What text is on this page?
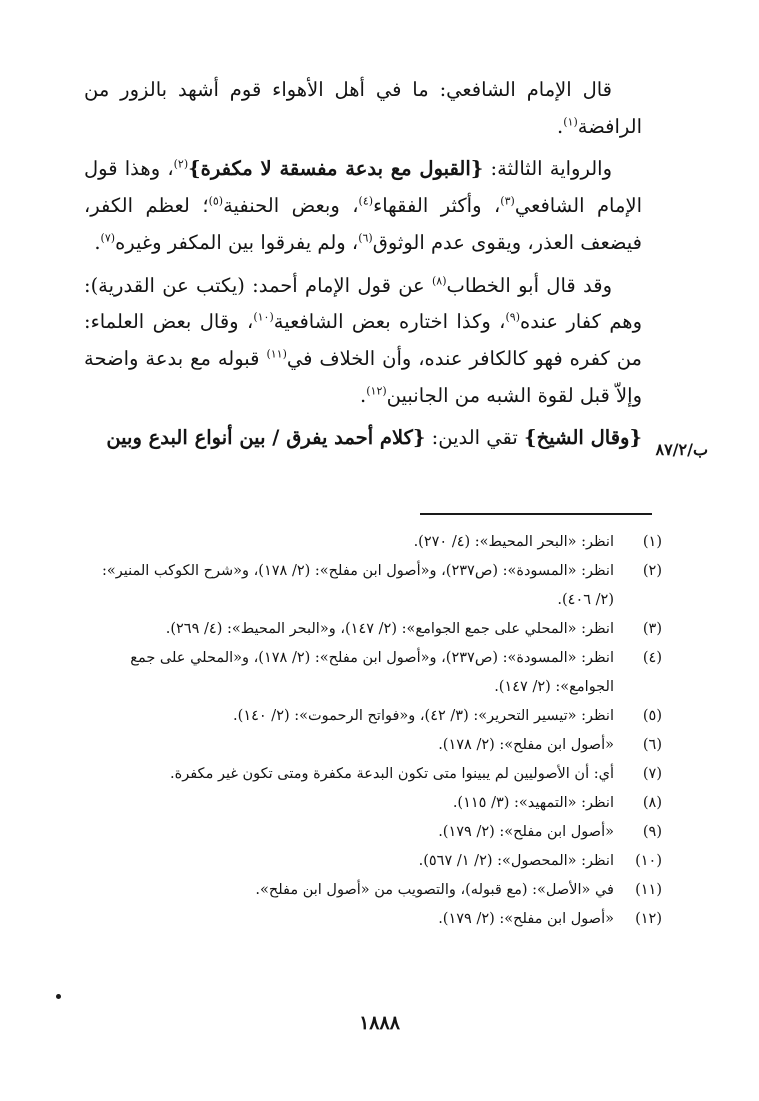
قال الإمام الشافعي: ما في أهل الأهواء قوم أشهد بالزور من الرافضة$^{(١)}$.

والرواية الثالثة: {القبول مع بدعة مفسقة لا مكفرة}$^{(٢)}$، وهذا قول الإمام الشافعي$^{(٣)}$، وأكثر الفقهاء$^{(٤)}$، وبعض الحنفية$^{(٥)}$؛ لعظم الكفر، فيضعف العذر، ويقوى عدم الوثوق$^{(٦)}$، ولم يفرقوا بين المكفر وغيره$^{(٧)}$.

وقد قال أبو الخطاب$^{(٨)}$ عن قول الإمام أحمد: (يكتب عن القدرية): وهم كفار عنده$^{(٩)}$، وكذا اختاره بعض الشافعية$^{(١٠)}$، وقال بعض العلماء: من كفره فهو كالكافر عنده، وأن الخلاف في$^{(١١)}$ قبوله مع بدعة واضحة وإلاّ قبل لقوة الشبه من الجانبين$^{(١٢)}$.

{وقال الشيخ} تقي الدين: {كلام أحمد يفرق / بين أنواع البدع وبين

ب/٨٧/٢
(١)
انظر: «البحر المحيط»: (٤/ ٢٧٠).
(٢)
انظر: «المسودة»: (ص٢٣٧)، و«أصول ابن مفلح»: (٢/ ١٧٨)، و«شرح الكوكب المنير»: (٢/ ٤٠٦).
(٣)
انظر: «المحلي على جمع الجوامع»: (٢/ ١٤٧)، و«البحر المحيط»: (٤/ ٢٦٩).
(٤)
انظر: «المسودة»: (ص٢٣٧)، و«أصول ابن مفلح»: (٢/ ١٧٨)، و«المحلي على جمع الجوامع»: (٢/ ١٤٧).
(٥)
انظر: «تيسير التحرير»: (٣/ ٤٢)، و«فواتح الرحموت»: (٢/ ١٤٠).
(٦)
«أصول ابن مفلح»: (٢/ ١٧٨).
(٧)
أي: أن الأصوليين لم يبينوا متى تكون البدعة مكفرة ومتى تكون غير مكفرة.
(٨)
انظر: «التمهيد»: (٣/ ١١٥).
(٩)
«أصول ابن مفلح»: (٢/ ١٧٩).
(١٠)
انظر: «المحصول»: (٢/ ١/ ٥٦٧).
(١١)
في «الأصل»: (مع قبوله)، والتصويب من «أصول ابن مفلح».
(١٢)
«أصول ابن مفلح»: (٢/ ١٧٩).
١٨٨٨
